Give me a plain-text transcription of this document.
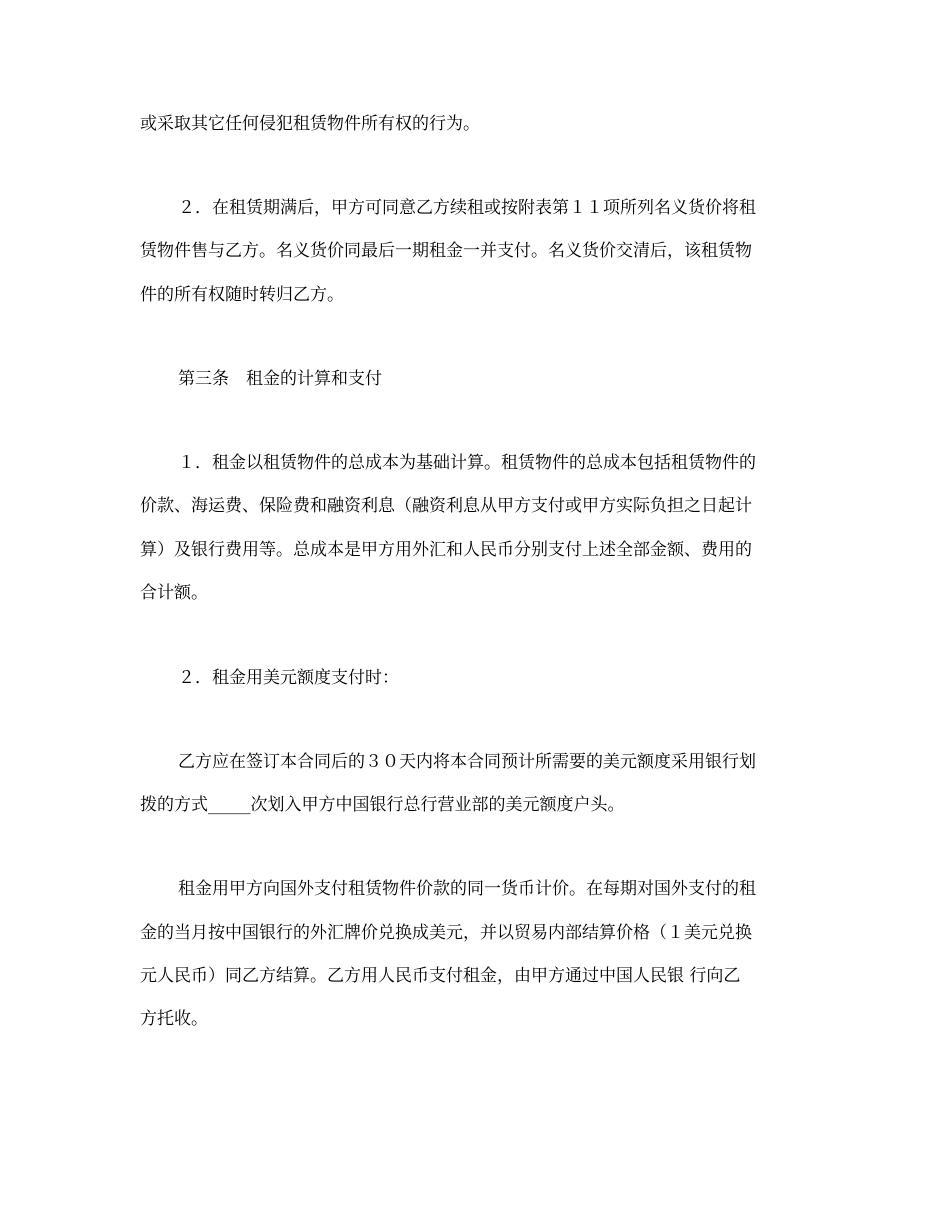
或采取其它任何侵犯租赁物件所有权的行为。
２．在租赁期满后，甲方可同意乙方续租或按附表第１１项所列名义货价将租
赁物件售与乙方。名义货价同最后一期租金一并支付。名义货价交清后，该租赁物
件的所有权随时转归乙方。
第三条　租金的计算和支付
１．租金以租赁物件的总成本为基础计算。租赁物件的总成本包括租赁物件的
价款、海运费、保险费和融资利息（融资利息从甲方支付或甲方实际负担之日起计
算）及银行费用等。总成本是甲方用外汇和人民币分别支付上述全部金额、费用的
合计额。
２．租金用美元额度支付时：
乙方应在签订本合同后的３０天内将本合同预计所需要的美元额度采用银行划
拨的方式_____次划入甲方中国银行总行营业部的美元额度户头。
租金用甲方向国外支付租赁物件价款的同一货币计价。在每期对国外支付的租
金的当月按中国银行的外汇牌价兑换成美元，并以贸易内部结算价格（１美元兑换
元人民币）同乙方结算。乙方用人民币支付租金，由甲方通过中国人民银 行向乙
方托收。
